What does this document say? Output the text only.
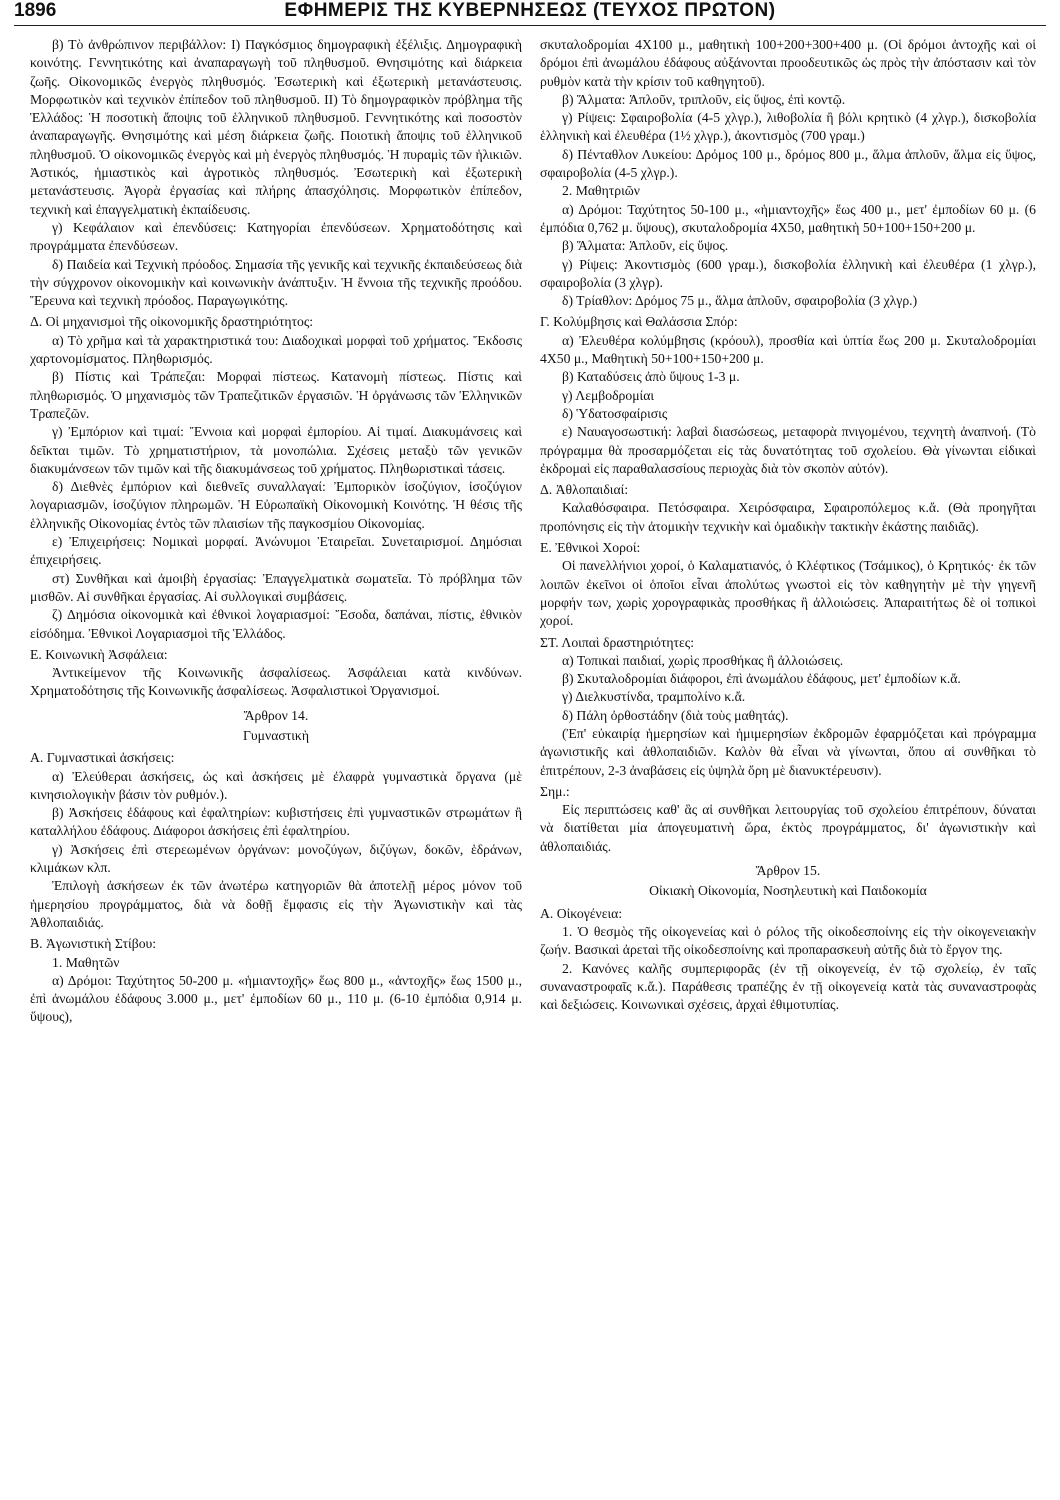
1896	ΕΦΗΜΕΡΙΣ ΤΗΣ ΚΥΒΕΡΝΗΣΕΩΣ (ΤΕΥΧΟΣ ΠΡΩΤΟΝ)

β) Τὸ ἀνθρώπινον περιβάλλον: Ι) Παγκόσμιος δημογραφικὴ ἐξέλιξις. Δημογραφικὴ κοινότης. Γεννητικότης καὶ ἀναπαραγωγὴ τοῦ πληθυσμοῦ. Θνησιμότης καὶ διάρκεια ζωῆς. Οἰκονομικῶς ἐνεργὸς πληθυσμός. Ἐσωτερικὴ καὶ ἐξωτερικὴ μετανάστευσις. Μορφωτικὸν καὶ τεχνικὸν ἐπίπεδον τοῦ πληθυσμοῦ. ΙΙ) Τὸ δημογραφικὸν πρόβλημα τῆς Ἑλλάδος: Ἡ ποσοτικὴ ἄποψις τοῦ ἑλληνικοῦ πληθυσμοῦ. Γεννητικότης καὶ ποσοστὸν ἀναπαραγωγῆς. Θνησιμότης καὶ μέση διάρκεια ζωῆς. Ποιοτικὴ ἄποψις τοῦ ἑλληνικοῦ πληθυσμοῦ. Ὁ οἰκονομικῶς ἐνεργὸς καὶ μὴ ἐνεργὸς πληθυσμός. Ἡ πυραμὶς τῶν ἡλικιῶν. Ἀστικός, ἡμιαστικὸς καὶ ἀγροτικὸς πληθυσμός. Ἐσωτερικὴ καὶ ἐξωτερικὴ μετανάστευσις. Ἀγορὰ ἐργασίας καὶ πλήρης ἀπασχόλησις. Μορφωτικὸν ἐπίπεδον, τεχνικὴ καὶ ἐπαγγελματικὴ ἐκπαίδευσις.

γ) Κεφάλαιον καὶ ἐπενδύσεις: Κατηγορίαι ἐπενδύσεων. Χρηματοδότησις καὶ προγράμματα ἐπενδύσεων.

δ) Παιδεία καὶ Τεχνικὴ πρόοδος. Σημασία τῆς γενικῆς καὶ τεχνικῆς ἐκπαιδεύσεως διὰ τὴν σύγχρονον οἰκονομικὴν καὶ κοινωνικὴν ἀνάπτυξιν. Ἡ ἔννοια τῆς τεχνικῆς προόδου. Ἔρευνα καὶ τεχνικὴ πρόοδος. Παραγωγικότης.

Δ. Οἱ μηχανισμοὶ τῆς οἰκονομικῆς δραστηριότητος:

α) Τὸ χρῆμα καὶ τὰ χαρακτηριστικά του: Διαδοχικαὶ μορφαὶ τοῦ χρήματος. Ἔκδοσις χαρτονομίσματος. Πληθωρισμός.

β) Πίστις καὶ Τράπεζαι: Μορφαὶ πίστεως. Κατανομὴ πίστεως. Πίστις καὶ πληθωρισμός. Ὁ μηχανισμὸς τῶν Τραπεζιτικῶν ἐργασιῶν. Ἡ ὀργάνωσις τῶν Ἑλληνικῶν Τραπεζῶν.

γ) Ἐμπόριον καὶ τιμαί: Ἔννοια καὶ μορφαὶ ἐμπορίου. Αἱ τιμαί. Διακυμάνσεις καὶ δεῖκται τιμῶν. Τὸ χρηματιστήριον, τὰ μονοπώλια. Σχέσεις μεταξὺ τῶν γενικῶν διακυμάνσεων τῶν τιμῶν καὶ τῆς διακυμάνσεως τοῦ χρήματος. Πληθωριστικαὶ τάσεις.

δ) Διεθνὲς ἐμπόριον καὶ διεθνεῖς συναλλαγαί: Ἐμπορικὸν ἰσοζύγιον, ἰσοζύγιον λογαριασμῶν, ἰσοζύγιον πληρωμῶν. Ἡ Εὐρωπαϊκὴ Οἰκονομικὴ Κοινότης. Ἡ θέσις τῆς ἑλληνικῆς Οἰκονομίας ἐντὸς τῶν πλαισίων τῆς παγκοσμίου Οἰκονομίας.

ε) Ἐπιχειρήσεις: Νομικαὶ μορφαί. Ἀνώνυμοι Ἑταιρεῖαι. Συνεταιρισμοί. Δημόσιαι ἐπιχειρήσεις.

στ) Συνθῆκαι καὶ ἀμοιβὴ ἐργασίας: Ἐπαγγελματικὰ σωματεῖα. Τὸ πρόβλημα τῶν μισθῶν. Αἱ συνθῆκαι ἐργασίας. Αἱ συλλογικαὶ συμβάσεις.

ζ) Δημόσια οἰκονομικὰ καὶ ἐθνικοὶ λογαριασμοί: Ἔσοδα, δαπάναι, πίστις, ἐθνικὸν εἰσόδημα. Ἐθνικοὶ Λογαριασμοὶ τῆς Ἑλλάδος.

Ε. Κοινωνικὴ Ἀσφάλεια:

Ἀντικείμενον τῆς Κοινωνικῆς ἀσφαλίσεως. Ἀσφάλειαι κατὰ κινδύνων. Χρηματοδότησις τῆς Κοινωνικῆς ἀσφαλίσεως. Ἀσφαλιστικοὶ Ὀργανισμοί.

Ἄρθρον 14.

Γυμναστικὴ

Α. Γυμναστικαὶ ἀσκήσεις:

α) Ἐλεύθεραι ἀσκήσεις, ὡς καὶ ἀσκήσεις μὲ ἐλαφρὰ γυμναστικὰ ὄργανα (μὲ κινησιολογικὴν βάσιν τὸν ρυθμόν.).

β) Ἀσκήσεις ἐδάφους καὶ ἐφαλτηρίων: κυβιστήσεις ἐπὶ γυμναστικῶν στρωμάτων ἢ καταλλήλου ἐδάφους. Διάφοροι ἀσκήσεις ἐπὶ ἐφαλτηρίου.

γ) Ἀσκήσεις ἐπὶ στερεωμένων ὀργάνων: μονοζύγων, διζύγων, δοκῶν, ἑδράνων, κλιμάκων κλπ.

Ἐπιλογὴ ἀσκήσεων ἐκ τῶν ἀνωτέρω κατηγοριῶν θὰ ἀποτελῇ μέρος μόνον τοῦ ἡμερησίου προγράμματος, διὰ νὰ δοθῇ ἔμφασις εἰς τὴν Ἀγωνιστικὴν καὶ τὰς Ἀθλοπαιδιάς.

Β. Ἀγωνιστικὴ Στίβου:

1. Μαθητῶν

α) Δρόμοι: Ταχύτητος 50-200 μ. «ἡμιαντοχῆς» ἕως 800 μ., «ἀντοχῆς» ἕως 1500 μ., ἐπὶ ἀνωμάλου ἐδάφους 3.000 μ., μετ' ἐμποδίων 60 μ., 110 μ. (6-10 ἐμπόδια 0,914 μ. ὕψους),

σκυταλοδρομίαι 4Χ100 μ., μαθητικὴ 100+200+300+400 μ. (Οἱ δρόμοι ἀντοχῆς καὶ οἱ δρόμοι ἐπὶ ἀνωμάλου ἐδάφους αὐξάνονται προοδευτικῶς ὡς πρὸς τὴν ἀπόστασιν καὶ τὸν ρυθμὸν κατὰ τὴν κρίσιν τοῦ καθηγητοῦ).

β) Ἅλματα: Ἁπλοῦν, τριπλοῦν, εἰς ὕψος, ἐπὶ κοντῷ.

γ) Ρίψεις: Σφαιροβολία (4-5 χλγρ.), λιθοβολία ἢ βόλι κρητικὸ (4 χλγρ.), δισκοβολία ἑλληνικὴ καὶ ἐλευθέρα (1½ χλγρ.), ἀκοντισμὸς (700 γραμ.)

δ) Πένταθλον Λυκείου: Δρόμος 100 μ., δρόμος 800 μ., ἅλμα ἁπλοῦν, ἅλμα εἰς ὕψος, σφαιροβολία (4-5 χλγρ.).

2. Μαθητριῶν

α) Δρόμοι: Ταχύτητος 50-100 μ., «ἡμιαντοχῆς» ἕως 400 μ., μετ' ἐμποδίων 60 μ. (6 ἐμπόδια 0,762 μ. ὕψους), σκυταλοδρομία 4Χ50, μαθητικὴ 50+100+150+200 μ.

β) Ἅλματα: Ἁπλοῦν, εἰς ὕψος.

γ) Ρίψεις: Ἀκοντισμὸς (600 γραμ.), δισκοβολία ἑλληνικὴ καὶ ἐλευθέρα (1 χλγρ.), σφαιροβολία (3 χλγρ).

δ) Τρίαθλον: Δρόμος 75 μ., ἅλμα ἁπλοῦν, σφαιροβολία (3 χλγρ.)

Γ. Κολύμβησις καὶ Θαλάσσια Σπόρ:

α) Ἐλευθέρα κολύμβησις (κρόουλ), προσθία καὶ ὑπτία ἕως 200 μ. Σκυταλοδρομίαι 4Χ50 μ., Μαθητικὴ 50+100+150+200 μ.

β) Καταδύσεις ἀπὸ ὕψους 1-3 μ.

γ) Λεμβοδρομίαι

δ) Ὑδατοσφαίρισις

ε) Ναυαγοσωστική: λαβαὶ διασώσεως, μεταφορὰ πνιγομένου, τεχνητὴ ἀναπνοή. (Τὸ πρόγραμμα θὰ προσαρμόζεται εἰς τὰς δυνατότητας τοῦ σχολείου. Θὰ γίνωνται εἰδικαὶ ἐκδρομαὶ εἰς παραθαλασσίους περιοχὰς διὰ τὸν σκοπὸν αὐτόν).

Δ. Ἀθλοπαιδιαί:

Καλαθόσφαιρα. Πετόσφαιρα. Χειρόσφαιρα, Σφαιροπόλεμος κ.ἄ. (Θὰ προηγῆται προπόνησις εἰς τὴν ἀτομικὴν τεχνικὴν καὶ ὁμαδικὴν τακτικὴν ἑκάστης παιδιᾶς).

Ε. Ἐθνικοὶ Χοροί:

Οἱ πανελλήνιοι χοροί, ὁ Καλαματιανός, ὁ Κλέφτικος (Τσάμικος), ὁ Κρητικός· ἐκ τῶν λοιπῶν ἐκεῖνοι οἱ ὁποῖοι εἶναι ἀπολύτως γνωστοὶ εἰς τὸν καθηγητὴν μὲ τὴν γηγενῆ μορφήν των, χωρὶς χορογραφικὰς προσθήκας ἢ ἀλλοιώσεις. Ἀπαραιτήτως δὲ οἱ τοπικοὶ χοροί.

ΣΤ. Λοιπαὶ δραστηριότητες:

α) Τοπικαὶ παιδιαί, χωρὶς προσθήκας ἢ ἀλλοιώσεις.

β) Σκυταλοδρομίαι διάφοροι, ἐπὶ ἀνωμάλου ἐδάφους, μετ' ἐμποδίων κ.ἄ.

γ) Διελκυστίνδα, τραμπολίνο κ.ἄ.

δ) Πάλη ὀρθοστάδην (διὰ τοὺς μαθητάς).

(Ἐπ' εὐκαιρίᾳ ἡμερησίων καὶ ἡμιμερησίων ἐκδρομῶν ἐφαρμόζεται καὶ πρόγραμμα ἀγωνιστικῆς καὶ ἀθλοπαιδιῶν. Καλὸν θὰ εἶναι νὰ γίνωνται, ὅπου αἱ συνθῆκαι τὸ ἐπιτρέπουν, 2-3 ἀναβάσεις εἰς ὑψηλὰ ὄρη μὲ διανυκτέρευσιν).

Σημ.:

Εἰς περιπτώσεις καθ' ἃς αἱ συνθῆκαι λειτουργίας τοῦ σχολείου ἐπιτρέπουν, δύναται νὰ διατίθεται μία ἀπογευματινὴ ὥρα, ἐκτὸς προγράμματος, δι' ἀγωνιστικὴν καὶ ἀθλοπαιδιάς.

Ἄρθρον 15.

Οἰκιακὴ Οἰκονομία, Νοσηλευτικὴ καὶ Παιδοκομία

Α. Οἰκογένεια:

1. Ὁ θεσμὸς τῆς οἰκογενείας καὶ ὁ ρόλος τῆς οἰκοδεσποίνης εἰς τὴν οἰκογενειακὴν ζωήν. Βασικαὶ ἀρεταὶ τῆς οἰκοδεσποίνης καὶ προπαρασκευὴ αὐτῆς διὰ τὸ ἔργον της.

2. Κανόνες καλῆς συμπεριφορᾶς (ἐν τῇ οἰκογενείᾳ, ἐν τῷ σχολείῳ, ἐν ταῖς συναναστροφαῖς κ.ἄ.). Παράθεσις τραπέζης ἐν τῇ οἰκογενείᾳ κατὰ τὰς συναναστροφὰς καὶ δεξιώσεις. Κοινωνικαὶ σχέσεις, ἀρχαὶ ἐθιμοτυπίας.
